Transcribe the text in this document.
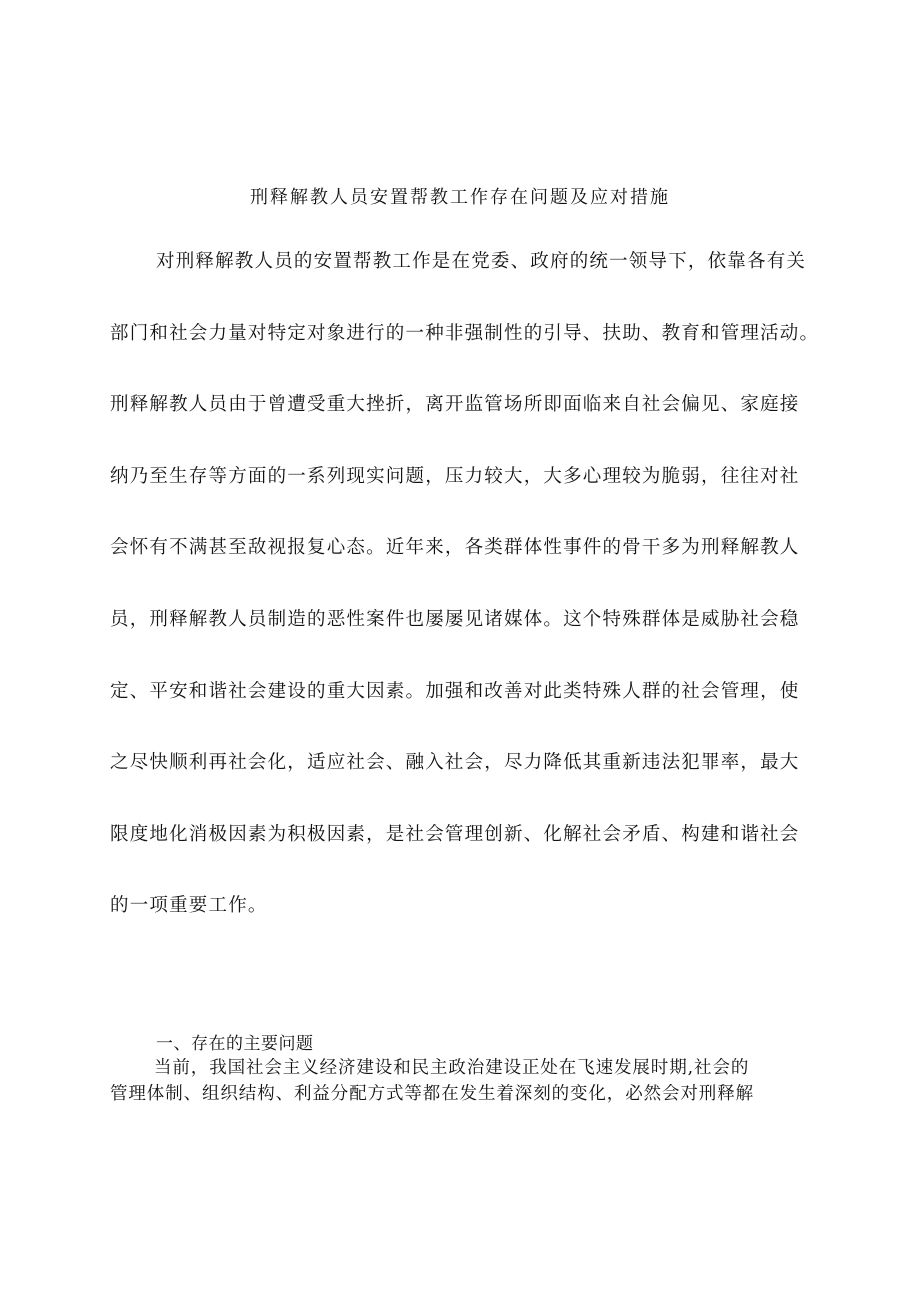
刑释解教人员安置帮教工作存在问题及应对措施
对刑释解教人员的安置帮教工作是在党委、政府的统一领导下，依靠各有关
部门和社会力量对特定对象进行的一种非强制性的引导、扶助、教育和管理活动。
刑释解教人员由于曾遭受重大挫折，离开监管场所即面临来自社会偏见、家庭接
纳乃至生存等方面的一系列现实问题，压力较大，大多心理较为脆弱，往往对社
会怀有不满甚至敌视报复心态。近年来，各类群体性事件的骨干多为刑释解教人
员，刑释解教人员制造的恶性案件也屡屡见诸媒体。这个特殊群体是威胁社会稳
定、平安和谐社会建设的重大因素。加强和改善对此类特殊人群的社会管理，使
之尽快顺利再社会化，适应社会、融入社会，尽力降低其重新违法犯罪率，最大
限度地化消极因素为积极因素，是社会管理创新、化解社会矛盾、构建和谐社会
的一项重要工作。
一、存在的主要问题
当前，我国社会主义经济建设和民主政治建设正处在飞速发展时期,社会的
管理体制、组织结构、利益分配方式等都在发生着深刻的变化，必然会对刑释解
